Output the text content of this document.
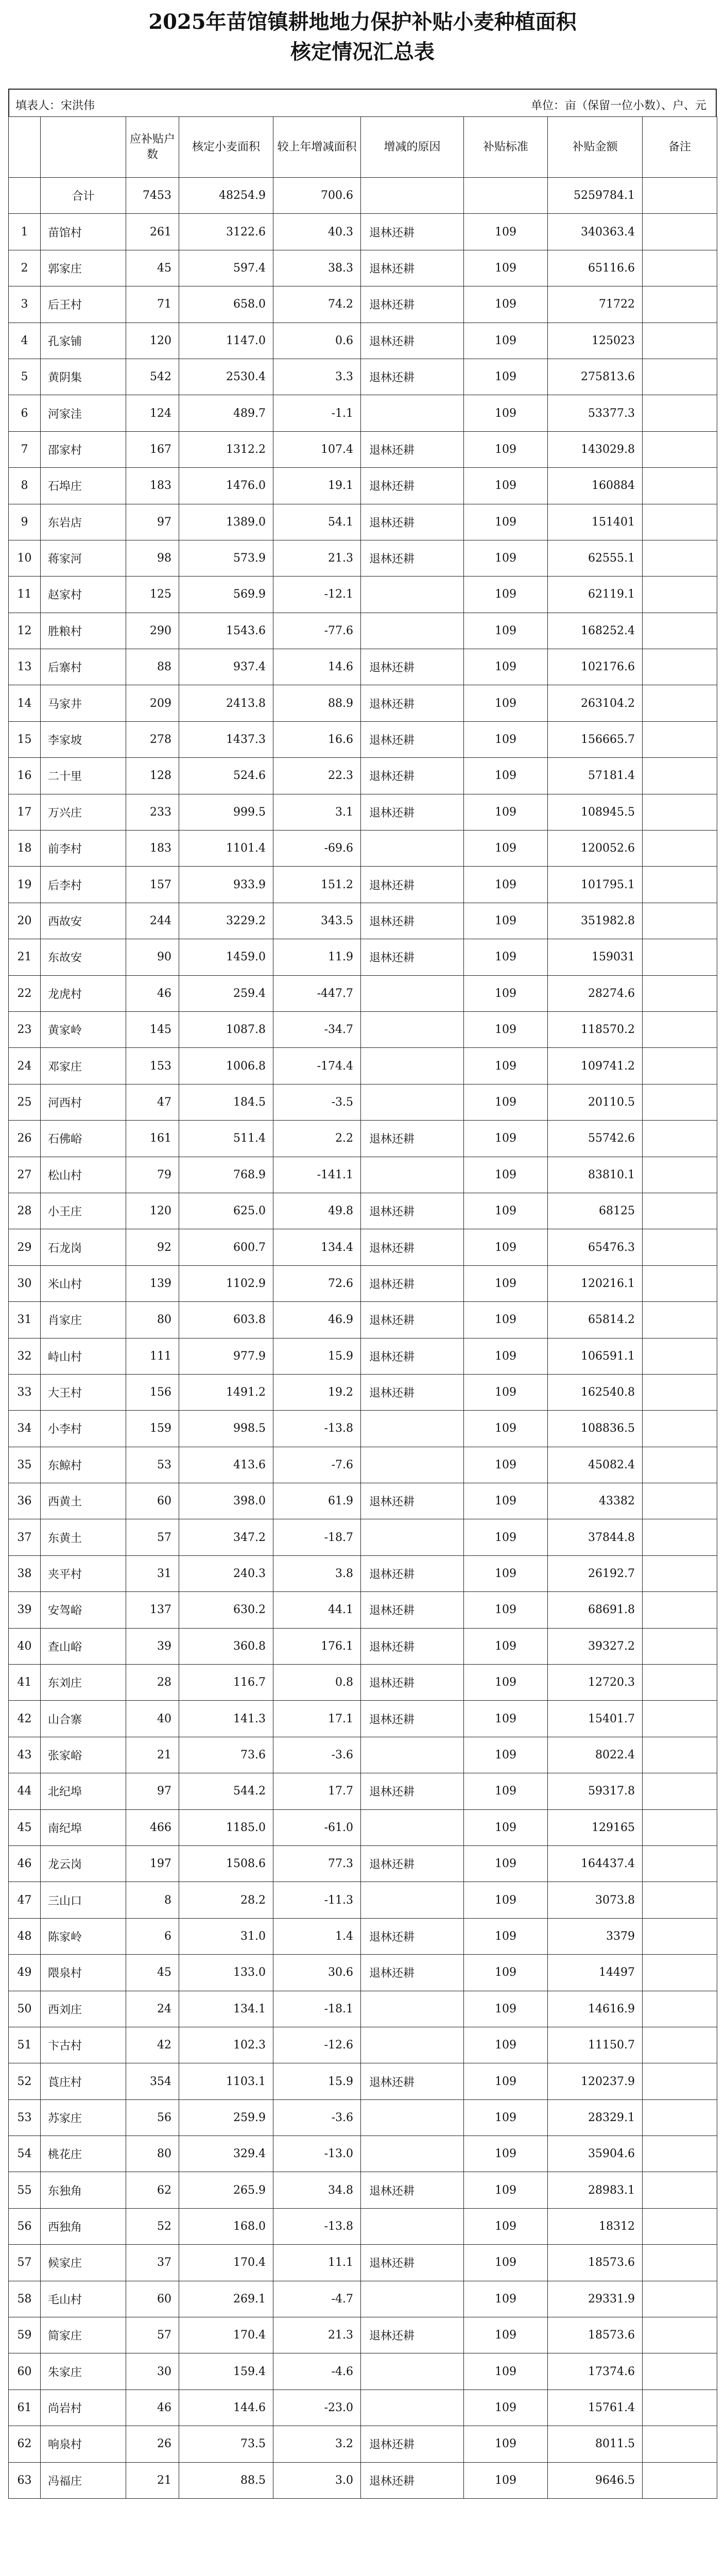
2025年苗馆镇耕地地力保护补贴小麦种植面积
核定情况汇总表
填表人：宋洪伟	单位：亩（保留一位小数）、户、元
		应补贴户数	核定小麦面积	较上年增减面积	增减的原因	补贴标准	补贴金额	备注
	合计	7453	48254.9	700.6			5259784.1	
1	苗馆村	261	3122.6	40.3	退林还耕	109	340363.4	
2	郭家庄	45	597.4	38.3	退林还耕	109	65116.6	
3	后王村	71	658.0	74.2	退林还耕	109	71722	
4	孔家铺	120	1147.0	0.6	退林还耕	109	125023	
5	黄阴集	542	2530.4	3.3	退林还耕	109	275813.6	
6	河家洼	124	489.7	-1.1		109	53377.3	
7	邵家村	167	1312.2	107.4	退林还耕	109	143029.8	
8	石埠庄	183	1476.0	19.1	退林还耕	109	160884	
9	东岩店	97	1389.0	54.1	退林还耕	109	151401	
10	蒋家河	98	573.9	21.3	退林还耕	109	62555.1	
11	赵家村	125	569.9	-12.1		109	62119.1	
12	胜粮村	290	1543.6	-77.6		109	168252.4	
13	后寨村	88	937.4	14.6	退林还耕	109	102176.6	
14	马家井	209	2413.8	88.9	退林还耕	109	263104.2	
15	李家坡	278	1437.3	16.6	退林还耕	109	156665.7	
16	二十里	128	524.6	22.3	退林还耕	109	57181.4	
17	万兴庄	233	999.5	3.1	退林还耕	109	108945.5	
18	前李村	183	1101.4	-69.6		109	120052.6	
19	后李村	157	933.9	151.2	退林还耕	109	101795.1	
20	西故安	244	3229.2	343.5	退林还耕	109	351982.8	
21	东故安	90	1459.0	11.9	退林还耕	109	159031	
22	龙虎村	46	259.4	-447.7		109	28274.6	
23	黄家岭	145	1087.8	-34.7		109	118570.2	
24	邓家庄	153	1006.8	-174.4		109	109741.2	
25	河西村	47	184.5	-3.5		109	20110.5	
26	石佛峪	161	511.4	2.2	退林还耕	109	55742.6	
27	松山村	79	768.9	-141.1		109	83810.1	
28	小王庄	120	625.0	49.8	退林还耕	109	68125	
29	石龙岗	92	600.7	134.4	退林还耕	109	65476.3	
30	米山村	139	1102.9	72.6	退林还耕	109	120216.1	
31	肖家庄	80	603.8	46.9	退林还耕	109	65814.2	
32	峙山村	111	977.9	15.9	退林还耕	109	106591.1	
33	大王村	156	1491.2	19.2	退林还耕	109	162540.8	
34	小李村	159	998.5	-13.8		109	108836.5	
35	东鲸村	53	413.6	-7.6		109	45082.4	
36	西黄土	60	398.0	61.9	退林还耕	109	43382	
37	东黄土	57	347.2	-18.7		109	37844.8	
38	夹平村	31	240.3	3.8	退林还耕	109	26192.7	
39	安驾峪	137	630.2	44.1	退林还耕	109	68691.8	
40	查山峪	39	360.8	176.1	退林还耕	109	39327.2	
41	东刘庄	28	116.7	0.8	退林还耕	109	12720.3	
42	山合寨	40	141.3	17.1	退林还耕	109	15401.7	
43	张家峪	21	73.6	-3.6		109	8022.4	
44	北纪埠	97	544.2	17.7	退林还耕	109	59317.8	
45	南纪埠	466	1185.0	-61.0		109	129165	
46	龙云岗	197	1508.6	77.3	退林还耕	109	164437.4	
47	三山口	8	28.2	-11.3		109	3073.8	
48	陈家岭	6	31.0	1.4	退林还耕	109	3379	
49	隈泉村	45	133.0	30.6	退林还耕	109	14497	
50	西刘庄	24	134.1	-18.1		109	14616.9	
51	卞古村	42	102.3	-12.6		109	11150.7	
52	莨庄村	354	1103.1	15.9	退林还耕	109	120237.9	
53	苏家庄	56	259.9	-3.6		109	28329.1	
54	桃花庄	80	329.4	-13.0		109	35904.6	
55	东独角	62	265.9	34.8	退林还耕	109	28983.1	
56	西独角	52	168.0	-13.8		109	18312	
57	候家庄	37	170.4	11.1	退林还耕	109	18573.6	
58	毛山村	60	269.1	-4.7		109	29331.9	
59	简家庄	57	170.4	21.3	退林还耕	109	18573.6	
60	朱家庄	30	159.4	-4.6		109	17374.6	
61	尚岩村	46	144.6	-23.0		109	15761.4	
62	响泉村	26	73.5	3.2	退林还耕	109	8011.5	
63	冯福庄	21	88.5	3.0	退林还耕	109	9646.5	
